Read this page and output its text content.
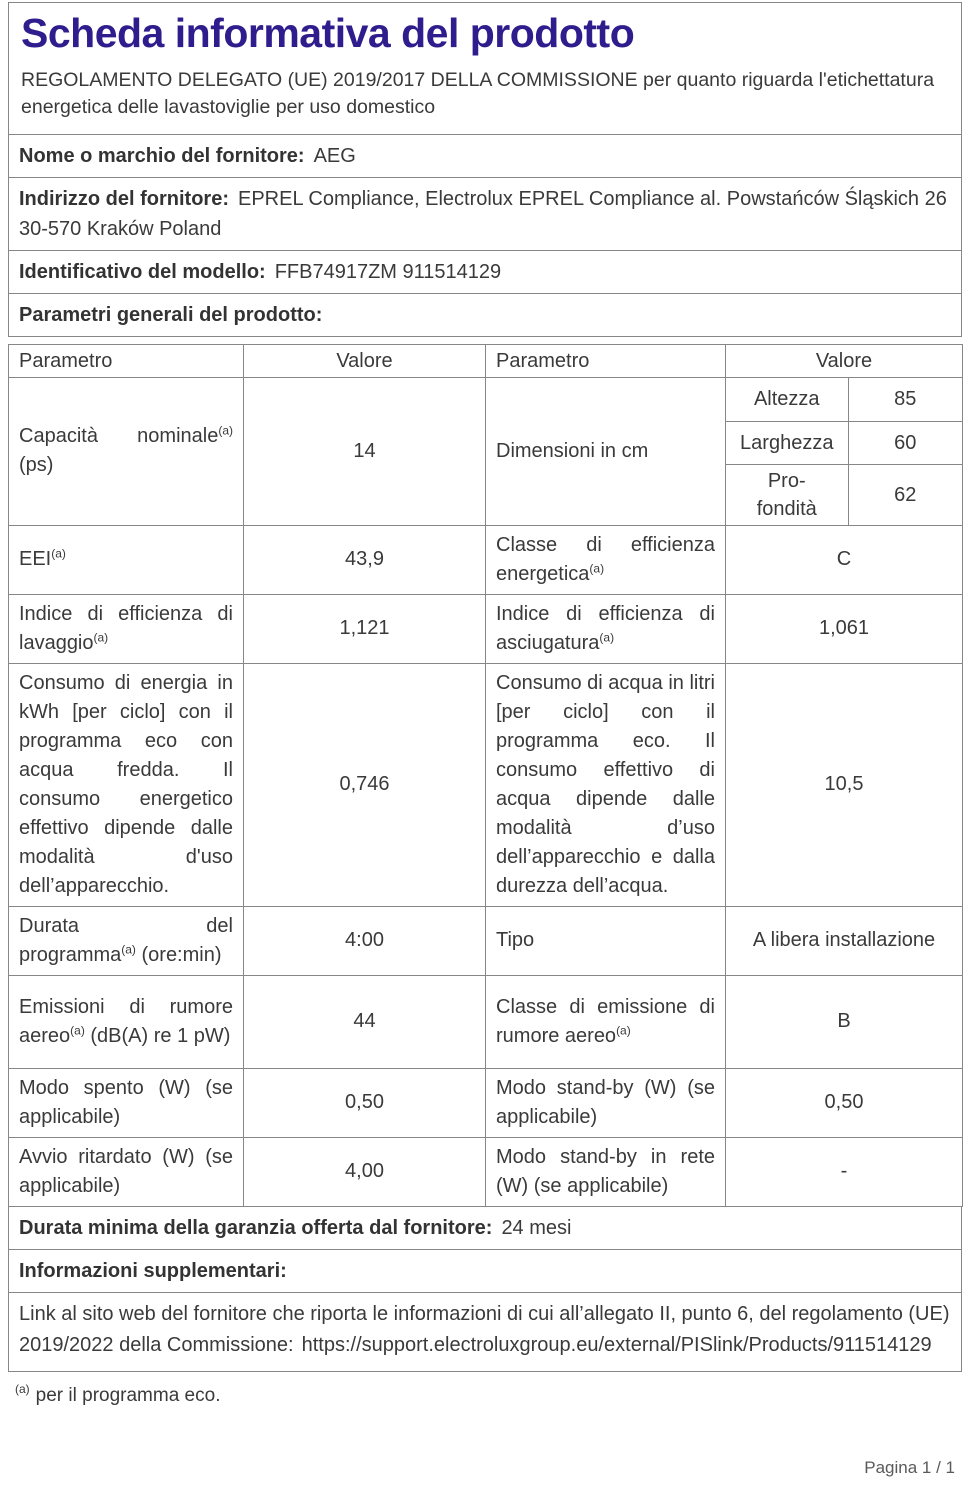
Scheda informativa del prodotto

REGOLAMENTO DELEGATO (UE) 2019/2017 DELLA COMMISSIONE per quanto riguarda l'etichettatura energetica delle lavastoviglie per uso domestico

Nome o marchio del fornitore: AEG
Indirizzo del fornitore: EPREL Compliance, Electrolux EPREL Compliance al. Powstańców Śląskich 26 30-570 Kraków Poland
Identificativo del modello: FFB74917ZM 911514129
Parametri generali del prodotto:
Parametro	Valore	Parametro	Valore
Capacità nominale$^{(a)}$ (ps)	14	Dimensioni in cm	
Altezza	85
Larghezza	60
Pro-
fondità	62

EEI$^{(a)}$	43,9	Classe di efficienza energetica$^{(a)}$	C
Indice di efficienza di lavaggio$^{(a)}$	1,121	Indice di efficienza di asciugatura$^{(a)}$	1,061
Consumo di energia in kWh [per ciclo] con il programma eco con acqua fredda. Il consumo energetico effettivo dipende dalle modalità d'uso dell’apparecchio.	0,746	Consumo di acqua in litri [per ciclo] con il programma eco. Il consumo effettivo di acqua dipende dalle modalità d’uso dell’apparecchio e dalla durezza dell’acqua.	10,5
Durata del programma$^{(a)}$ (ore:min)	4:00	Tipo	A libera installazione
Emissioni di rumore aereo$^{(a)}$ (dB(A) re 1 pW)	44	Classe di emissione di rumore aereo$^{(a)}$	B
Modo spento (W) (se applicabile)	0,50	Modo stand-by (W) (se applicabile)	0,50
Avvio ritardato (W) (se applicabile)	4,00	Modo stand-by in rete (W) (se applicabile)	-
Durata minima della garanzia offerta dal fornitore: 24 mesi
Informazioni supplementari:
Link al sito web del fornitore che riporta le informazioni di cui all’allegato II, punto 6, del regolamento (UE) 2019/2022 della Commissione: https://support.electroluxgroup.eu/external/PISlink/Products/911514129

$^{(a)}$ per il programma eco.

Pagina 1 / 1
